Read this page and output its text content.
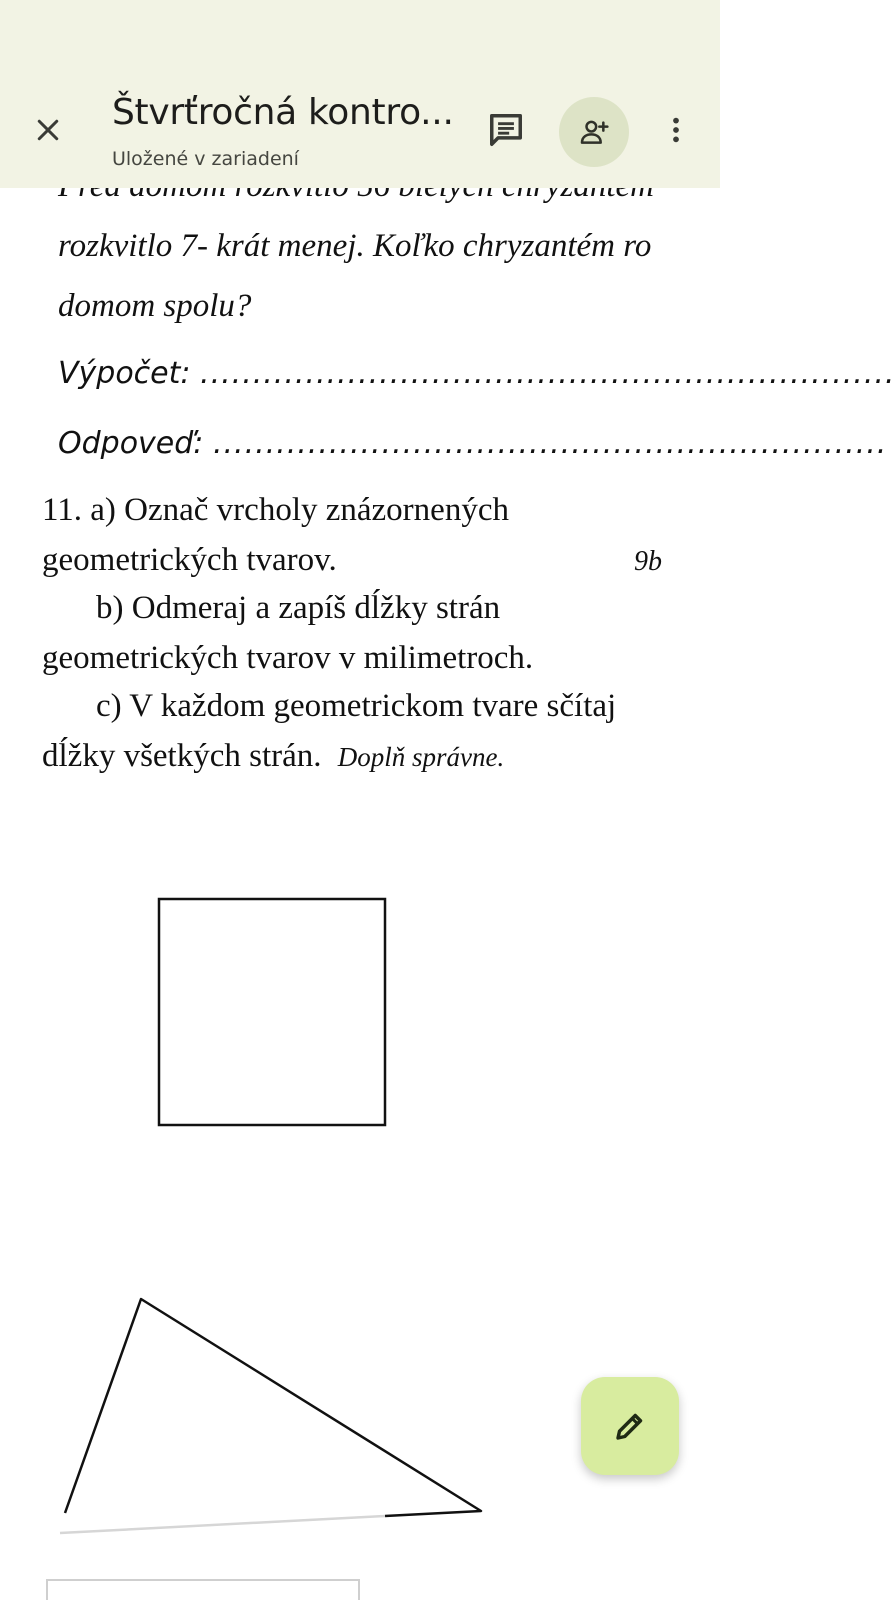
rozkvitlo 7- krát menej. Koľko chryzantém ro
domom spolu?
Výpočet: ..................................................................
Odpoveď: ................................................................
11. a) Označ vrcholy znázornených
geometrických tvarov.	9b
b) Odmeraj a zapíš dĺžky strán
geometrických tvarov v milimetroch.
c) V každom geometrickom tvare sčítaj
dĺžky všetkých strán. Doplň správne.
Štvrťročná kontro...
Uložené v zariadení
